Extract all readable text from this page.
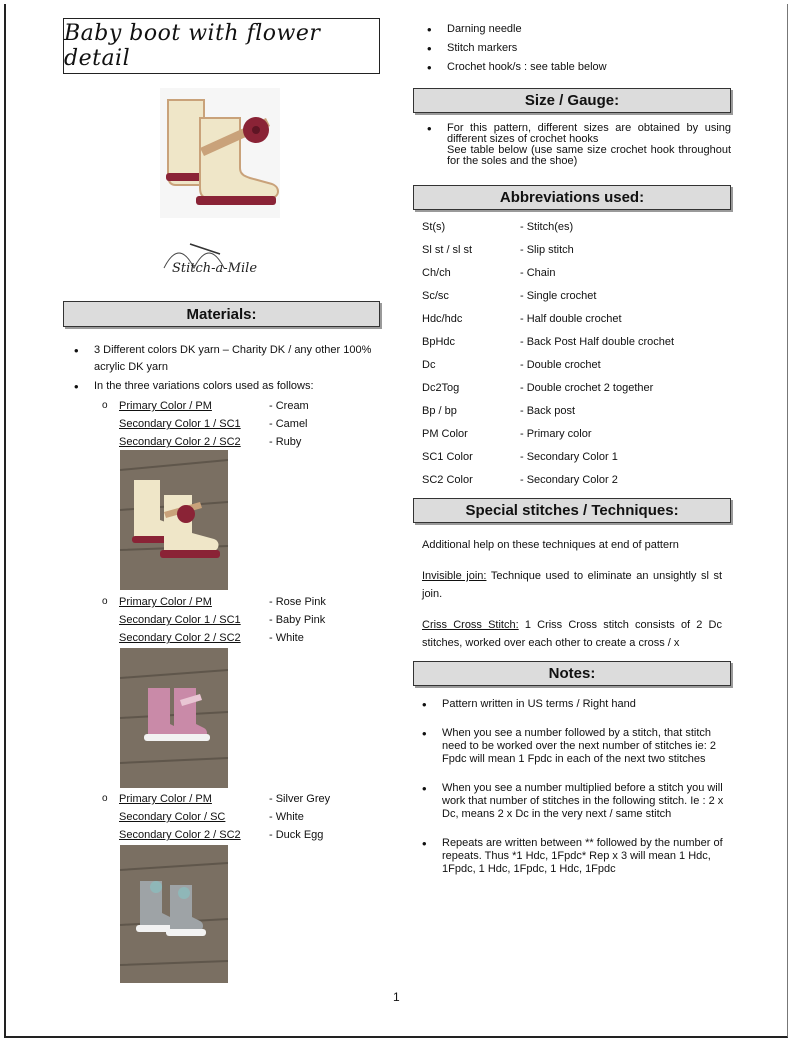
Baby boot with flower detail
Stitch-a-Mile
Materials:
• 3 Different colors DK yarn – Charity DK / any other 100% acrylic DK yarn
• In the three variations colors used as follows:
o Primary Color / PM	- Cream
Secondary Color 1 / SC1	- Camel
Secondary Color 2 / SC2	- Ruby
o Primary Color / PM	- Rose Pink
Secondary Color 1 / SC1	- Baby Pink
Secondary Color 2 / SC2	- White
o Primary Color / PM	- Silver Grey
Secondary Color / SC	- White
Secondary Color 2 / SC2	- Duck Egg
• Darning needle
• Stitch markers
• Crochet hook/s : see table below
Size / Gauge:
• For this pattern, different sizes are obtained by using different sizes of crochet hooks
See table below (use same size crochet hook throughout for the soles and the shoe)
Abbreviations used:
St(s)	- Stitch(es)
Sl st / sl st	- Slip stitch
Ch/ch	- Chain
Sc/sc	- Single crochet
Hdc/hdc	- Half double crochet
BpHdc	- Back Post Half double crochet
Dc	- Double crochet
Dc2Tog	- Double crochet 2 together
Bp / bp	- Back post
PM Color	- Primary color
SC1 Color	- Secondary Color 1
SC2 Color	- Secondary Color 2
Special stitches / Techniques:
Additional help on these techniques at end of pattern
Invisible join: Technique used to eliminate an unsightly sl st join.
Criss Cross Stitch: 1 Criss Cross stitch consists of 2 Dc stitches, worked over each other to create a cross / x
Notes:
• Pattern written in US terms / Right hand
• When you see a number followed by a stitch, that stitch need to be worked over the next number of stitches ie: 2 Fpdc will mean 1 Fpdc in each of the next two stitches
• When you see a number multiplied before a stitch you will work that number of stitches in the following stitch. Ie : 2 x Dc, means 2 x Dc in the very next / same stitch
• Repeats are written between ** followed by the number of repeats. Thus *1 Hdc, 1Fpdc* Rep x 3 will mean 1 Hdc, 1Fpdc, 1 Hdc, 1Fpdc, 1 Hdc, 1Fpdc
1
